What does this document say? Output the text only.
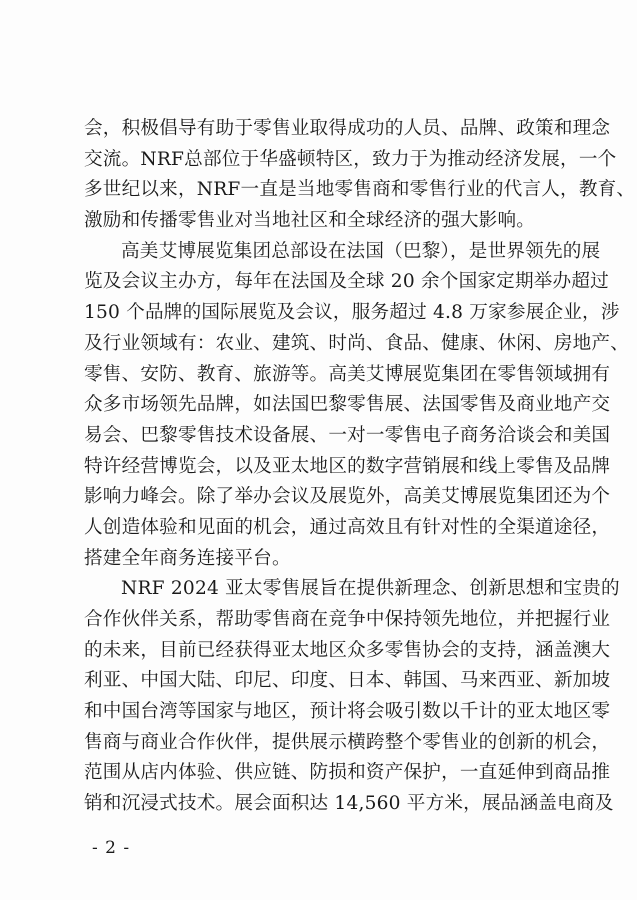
会，积极倡导有助于零售业取得成功的人员、品牌、政策和理念
交流。NRF总部位于华盛顿特区，致力于为推动经济发展，一个
多世纪以来，NRF一直是当地零售商和零售行业的代言人，教育、
激励和传播零售业对当地社区和全球经济的强大影响。
高美艾博展览集团总部设在法国（巴黎），是世界领先的展
览及会议主办方，每年在法国及全球 20 余个国家定期举办超过
150 个品牌的国际展览及会议，服务超过 4.8 万家参展企业，涉
及行业领域有：农业、建筑、时尚、食品、健康、休闲、房地产、
零售、安防、教育、旅游等。高美艾博展览集团在零售领域拥有
众多市场领先品牌，如法国巴黎零售展、法国零售及商业地产交
易会、巴黎零售技术设备展、一对一零售电子商务洽谈会和美国
特许经营博览会，以及亚太地区的数字营销展和线上零售及品牌
影响力峰会。除了举办会议及展览外，高美艾博展览集团还为个
人创造体验和见面的机会，通过高效且有针对性的全渠道途径，
搭建全年商务连接平台。
NRF 2024 亚太零售展旨在提供新理念、创新思想和宝贵的
合作伙伴关系，帮助零售商在竞争中保持领先地位，并把握行业
的未来，目前已经获得亚太地区众多零售协会的支持，涵盖澳大
利亚、中国大陆、印尼、印度、日本、韩国、马来西亚、新加坡
和中国台湾等国家与地区，预计将会吸引数以千计的亚太地区零
售商与商业合作伙伴，提供展示横跨整个零售业的创新的机会，
范围从店内体验、供应链、防损和资产保护，一直延伸到商品推
销和沉浸式技术。展会面积达 14,560 平方米，展品涵盖电商及
- 2 -
